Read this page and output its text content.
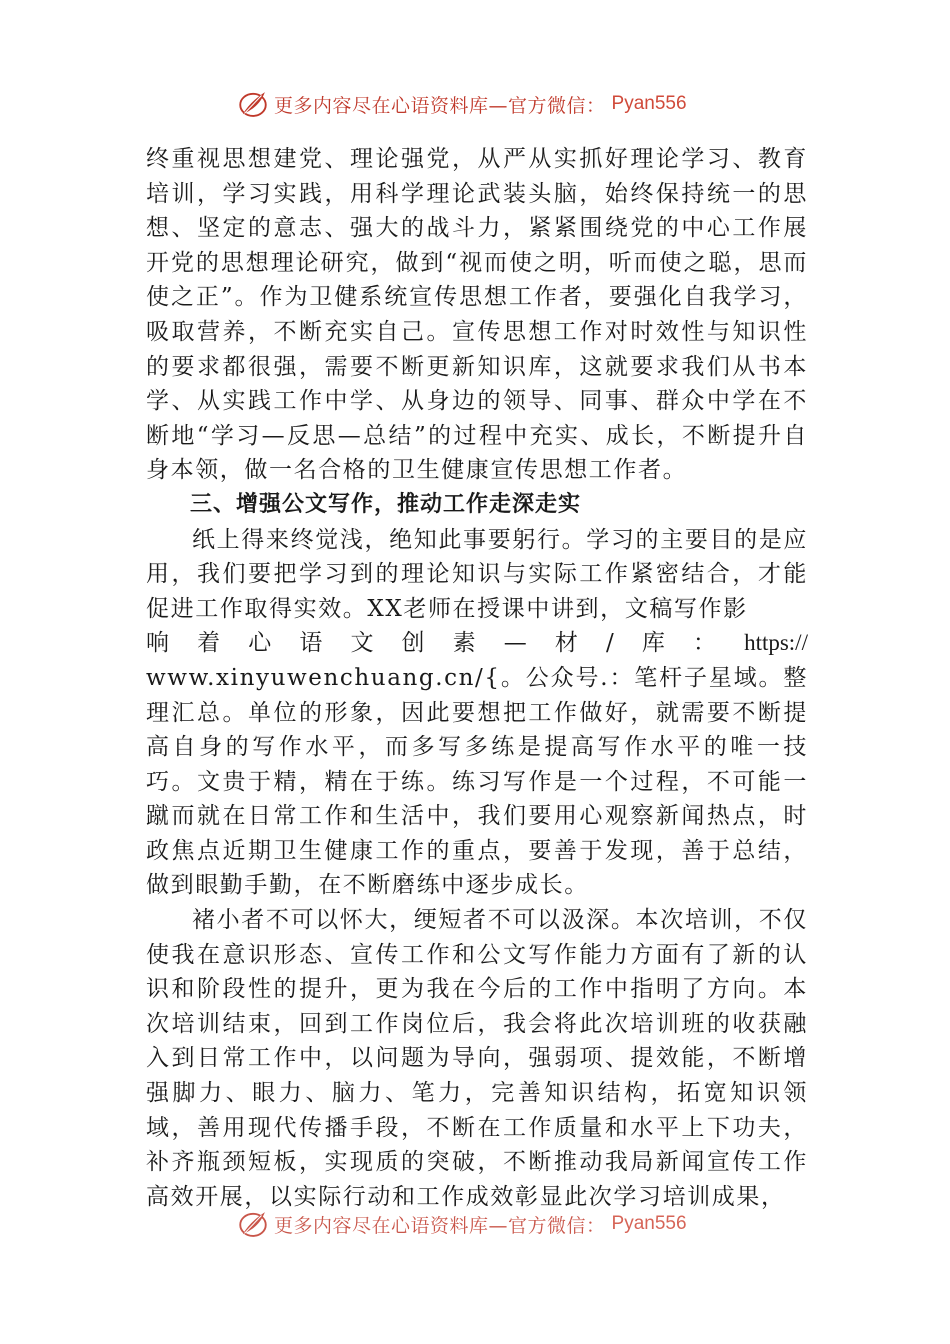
更多内容尽在心语资料库—官方微信： Pyan556

终重视思想建党、理论强党，从严从实抓好理论学习、教育培训，学习实践，用科学理论武装头脑，始终保持统一的思想、坚定的意志、强大的战斗力，紧紧围绕党的中心工作展开党的思想理论研究，做到“视而使之明，听而使之聪，思而使之正”。作为卫健系统宣传思想工作者，要强化自我学习，吸取营养，不断充实自己。宣传思想工作对时效性与知识性的要求都很强，需要不断更新知识库，这就要求我们从书本学、从实践工作中学、从身边的领导、同事、群众中学在不断地“学习—反思—总结”的过程中充实、成长，不断提升自身本领，做一名合格的卫生健康宣传思想工作者。

三、增强公文写作，推动工作走深走实

纸上得来终觉浅，绝知此事要躬行。学习的主要目的是应用，我们要把学习到的理论知识与实际工作紧密结合，才能促进工作取得实效。XX老师在授课中讲到，文稿写作影

响 着 心 语 文 创 素 — 材 / 库 ： https://

www.xinyuwenchuang.cn/{。公众号.：笔杆子星域。整理汇总。单位的形象，因此要想把工作做好，就需要不断提高自身的写作水平，而多写多练是提高写作水平的唯一技巧。文贵于精，精在于练。练习写作是一个过程，不可能一蹴而就在日常工作和生活中，我们要用心观察新闻热点，时政焦点近期卫生健康工作的重点，要善于发现，善于总结，做到眼勤手勤，在不断磨练中逐步成长。

褚小者不可以怀大，绠短者不可以汲深。本次培训，不仅使我在意识形态、宣传工作和公文写作能力方面有了新的认识和阶段性的提升，更为我在今后的工作中指明了方向。本次培训结束，回到工作岗位后，我会将此次培训班的收获融入到日常工作中，以问题为导向，强弱项、提效能，不断增强脚力、眼力、脑力、笔力，完善知识结构，拓宽知识领域，善用现代传播手段，不断在工作质量和水平上下功夫，补齐瓶颈短板，实现质的突破，不断推动我局新闻宣传工作高效开展，以实际行动和工作成效彰显此次学习培训成果，

更多内容尽在心语资料库—官方微信： Pyan556
